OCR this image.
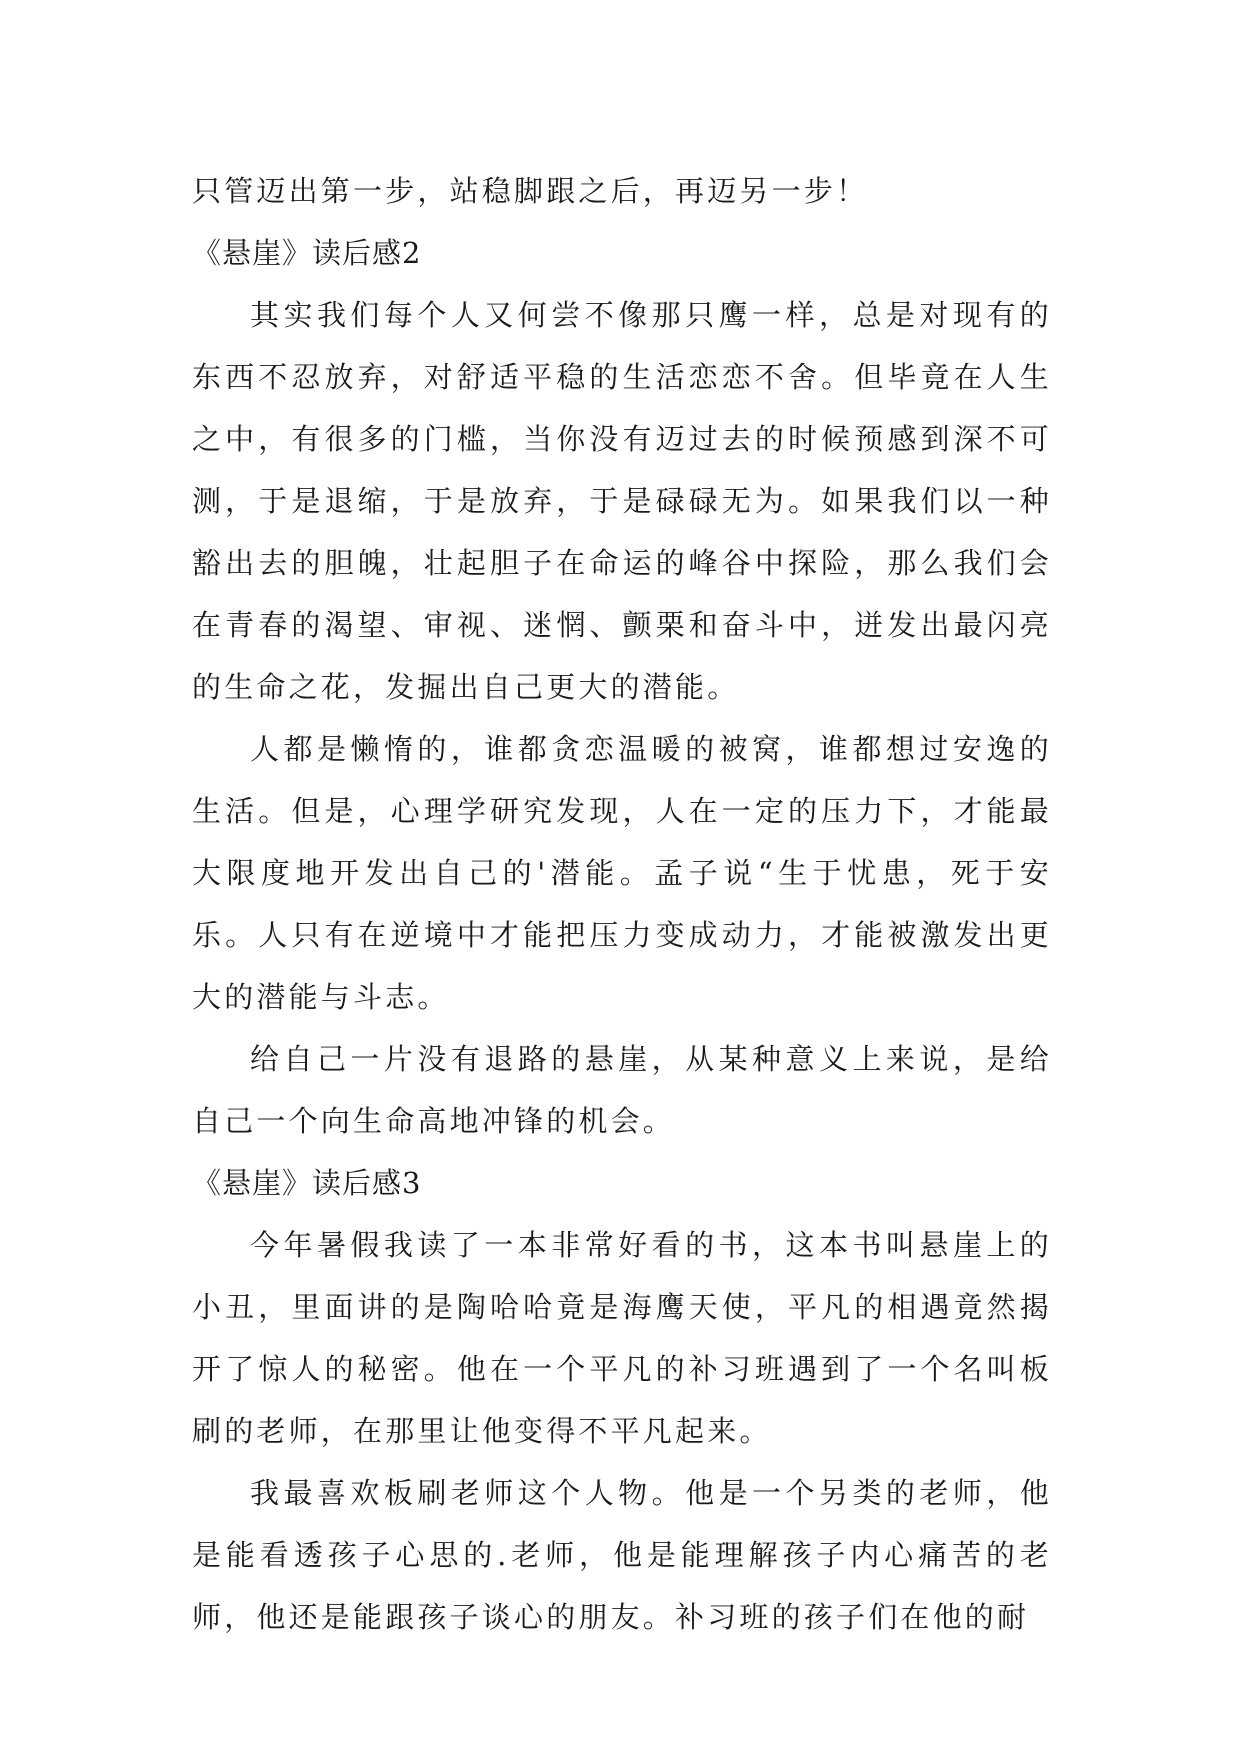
只管迈出第一步，站稳脚跟之后，再迈另一步！

《悬崖》读后感2

其实我们每个人又何尝不像那只鹰一样，总是对现有的东西不忍放弃，对舒适平稳的生活恋恋不舍。但毕竟在人生之中，有很多的门槛，当你没有迈过去的时候预感到深不可测，于是退缩，于是放弃，于是碌碌无为。如果我们以一种豁出去的胆魄，壮起胆子在命运的峰谷中探险，那么我们会在青春的渴望、审视、迷惘、颤栗和奋斗中，迸发出最闪亮的生命之花，发掘出自己更大的潜能。

人都是懒惰的，谁都贪恋温暖的被窝，谁都想过安逸的生活。但是，心理学研究发现，人在一定的压力下，才能最大限度地开发出自己的'潜能。孟子说“生于忧患，死于安乐。人只有在逆境中才能把压力变成动力，才能被激发出更大的潜能与斗志。

给自己一片没有退路的悬崖，从某种意义上来说，是给自己一个向生命高地冲锋的机会。

《悬崖》读后感3

今年暑假我读了一本非常好看的书，这本书叫悬崖上的小丑，里面讲的是陶哈哈竟是海鹰天使，平凡的相遇竟然揭开了惊人的秘密。他在一个平凡的补习班遇到了一个名叫板刷的老师，在那里让他变得不平凡起来。

我最喜欢板刷老师这个人物。他是一个另类的老师，他是能看透孩子心思的.老师，他是能理解孩子内心痛苦的老师，他还是能跟孩子谈心的朋友。补习班的孩子们在他的耐
